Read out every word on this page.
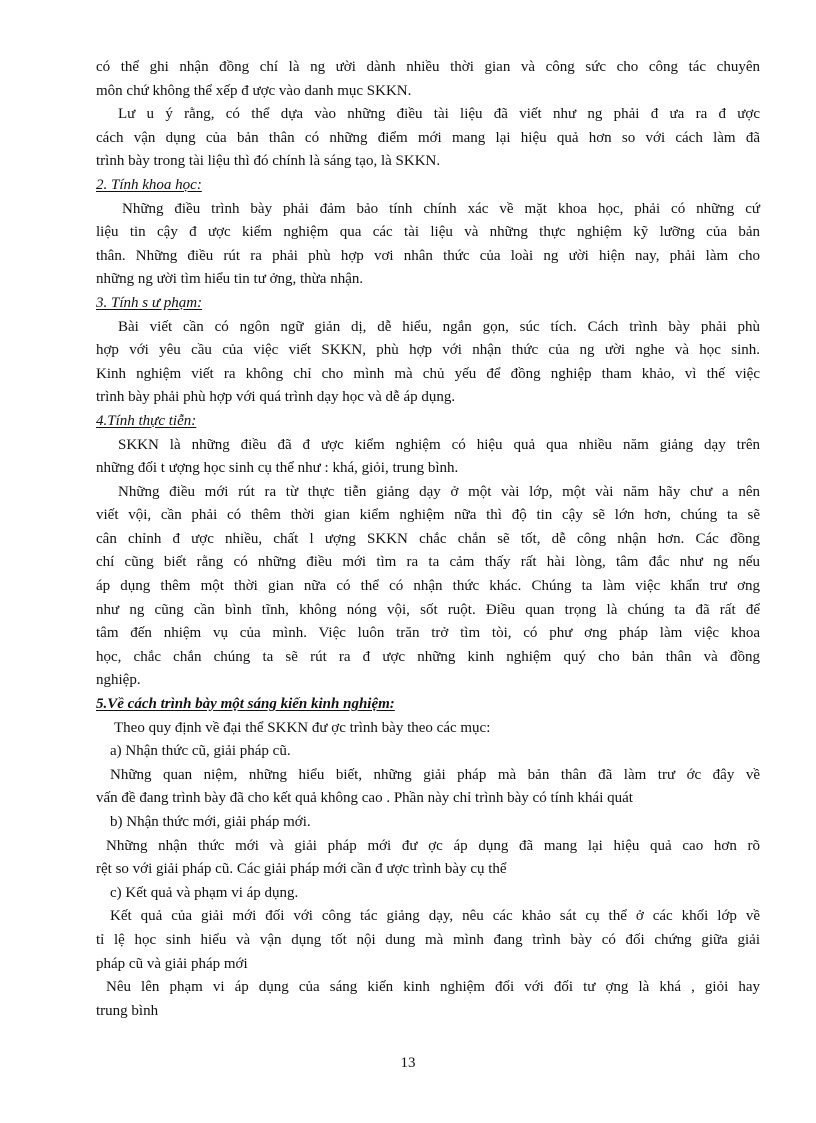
có thể ghi nhận đồng chí là ng ười dành nhiều thời gian và công sức cho công tác chuyên
môn chứ không thể xếp đ ược vào danh mục SKKN.
Lư u ý rằng, có thể dựa vào những điều tài liệu đã viết như ng phải đ ưa ra đ ược
cách vận dụng của bản thân có những điểm mới mang lại hiệu quả hơn so với cách làm đã
trình bày trong tài liệu thì đó chính là sáng tạo, là SKKN.
2. Tính khoa học:
Những điều trình bày phải đảm bảo tính chính xác về mặt khoa học, phải có những cứ
liệu tin cậy đ ược kiểm nghiệm qua các tài liệu và những thực nghiệm kỹ lưỡng của bản
thân. Những điều rút ra phải phù hợp vơi nhân thức của loài ng ười hiện nay, phải làm cho
những ng ười tìm hiểu tin tư ởng, thừa nhận.
3. Tính s ư phạm:
Bài viết cần có ngôn ngữ giản dị, dễ hiểu, ngắn gọn, súc tích. Cách trình bày phải phù
hợp với yêu cầu của việc viết SKKN, phù hợp với nhận thức của ng ười nghe và học sinh.
Kinh nghiệm viết ra không chỉ cho mình mà chủ yếu để đồng nghiệp tham khảo, vì thế việc
trình bày phải phù hợp với quá trình dạy học và dễ áp dụng.
4.Tính thực tiễn:
SKKN là những điều đã đ ược kiểm nghiệm có hiệu quả qua nhiều năm giảng dạy trên
những đối t ượng học sinh cụ thể như : khá, giỏi, trung bình.
Những điều mới rút ra từ thực tiễn giảng dạy ở một vài lớp, một vài năm hãy chư a nên
viết vội, cần phải có thêm thời gian kiểm nghiệm nữa thì độ tin cậy sẽ lớn hơn, chúng ta sẽ
cân chỉnh đ ược nhiều, chất l ượng SKKN chắc chắn sẽ tốt, dễ công nhận hơn. Các đồng
chí cũng biết rằng có những điều mới tìm ra ta cảm thấy rất hài lòng, tâm đắc như ng nếu
áp dụng thêm một thời gian nữa có thể có nhận thức khác. Chúng ta làm việc khẩn trư ơng
như ng cũng cần bình tĩnh, không nóng vội, sốt ruột. Điều quan trọng là chúng ta đã rất để
tâm đến nhiệm vụ của mình. Việc luôn trăn trở tìm tòi, có phư ơng pháp làm việc khoa
học, chắc chắn chúng ta sẽ rút ra đ ược những kinh nghiệm quý cho bản thân và đồng
nghiệp.
5.Về cách trình bày một sáng kiến kinh nghiệm:
Theo quy định về đại thể SKKN đư ợc trình bày theo các mục:
a) Nhận thức cũ, giải pháp cũ.
Những quan niệm, những hiểu biết, những giải pháp mà bản thân đã làm trư ớc đây về
vấn đề đang trình bày đã cho kết quả không cao . Phần này chỉ trình bày có tính khái quát
b) Nhận thức mới, giải pháp mới.
Những nhận thức mới và giải pháp mới đư ợc áp dụng đã mang lại hiệu quả cao hơn rõ
rệt so với giải pháp cũ. Các giải pháp mới cần đ ược trình bày cụ thể
c) Kết quả và phạm vi áp dụng.
Kết quả của giải mới đối với công tác giảng dạy, nêu các khảo sát cụ thể ở các khối lớp về
tỉ lệ học sinh hiểu và vận dụng tốt nội dung mà mình đang trình bày có đối chứng giữa giải
pháp cũ và giải pháp mới
Nêu lên phạm vi áp dụng của sáng kiến kinh nghiệm đối với đối tư ợng là khá , giỏi hay
trung bình
13
